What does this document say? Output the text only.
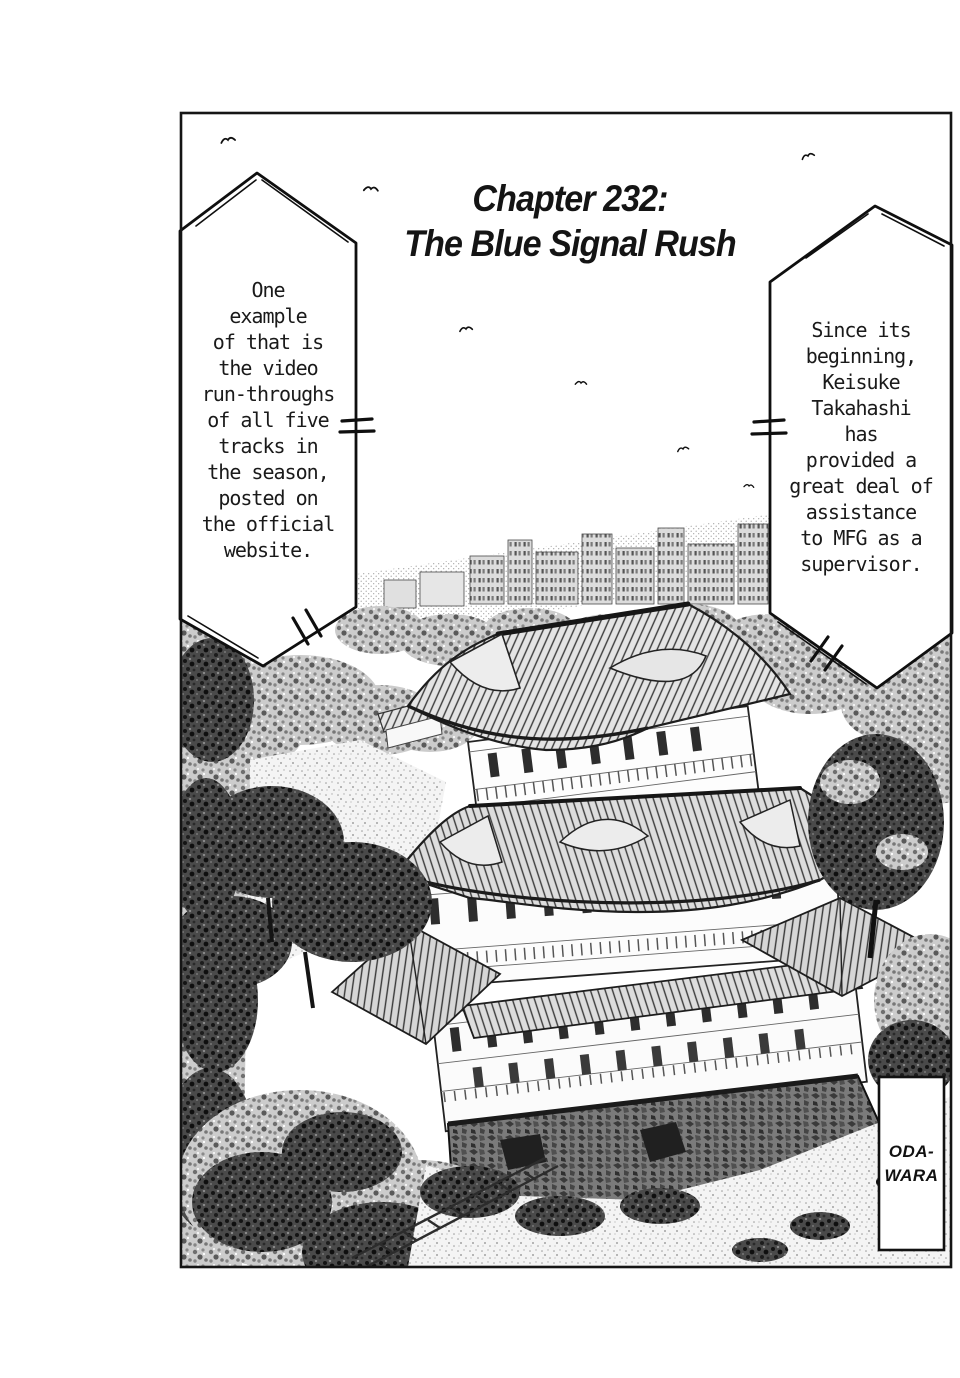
Chapter 232:
The Blue Signal Rush
One
example
of that is
the video
run-throughs
of all five
tracks in
the season,
posted on
the official
website.
Since its
beginning,
Keisuke
Takahashi
has
provided a
great deal of
assistance
to MFG as a
supervisor.
ODA-
WARA
